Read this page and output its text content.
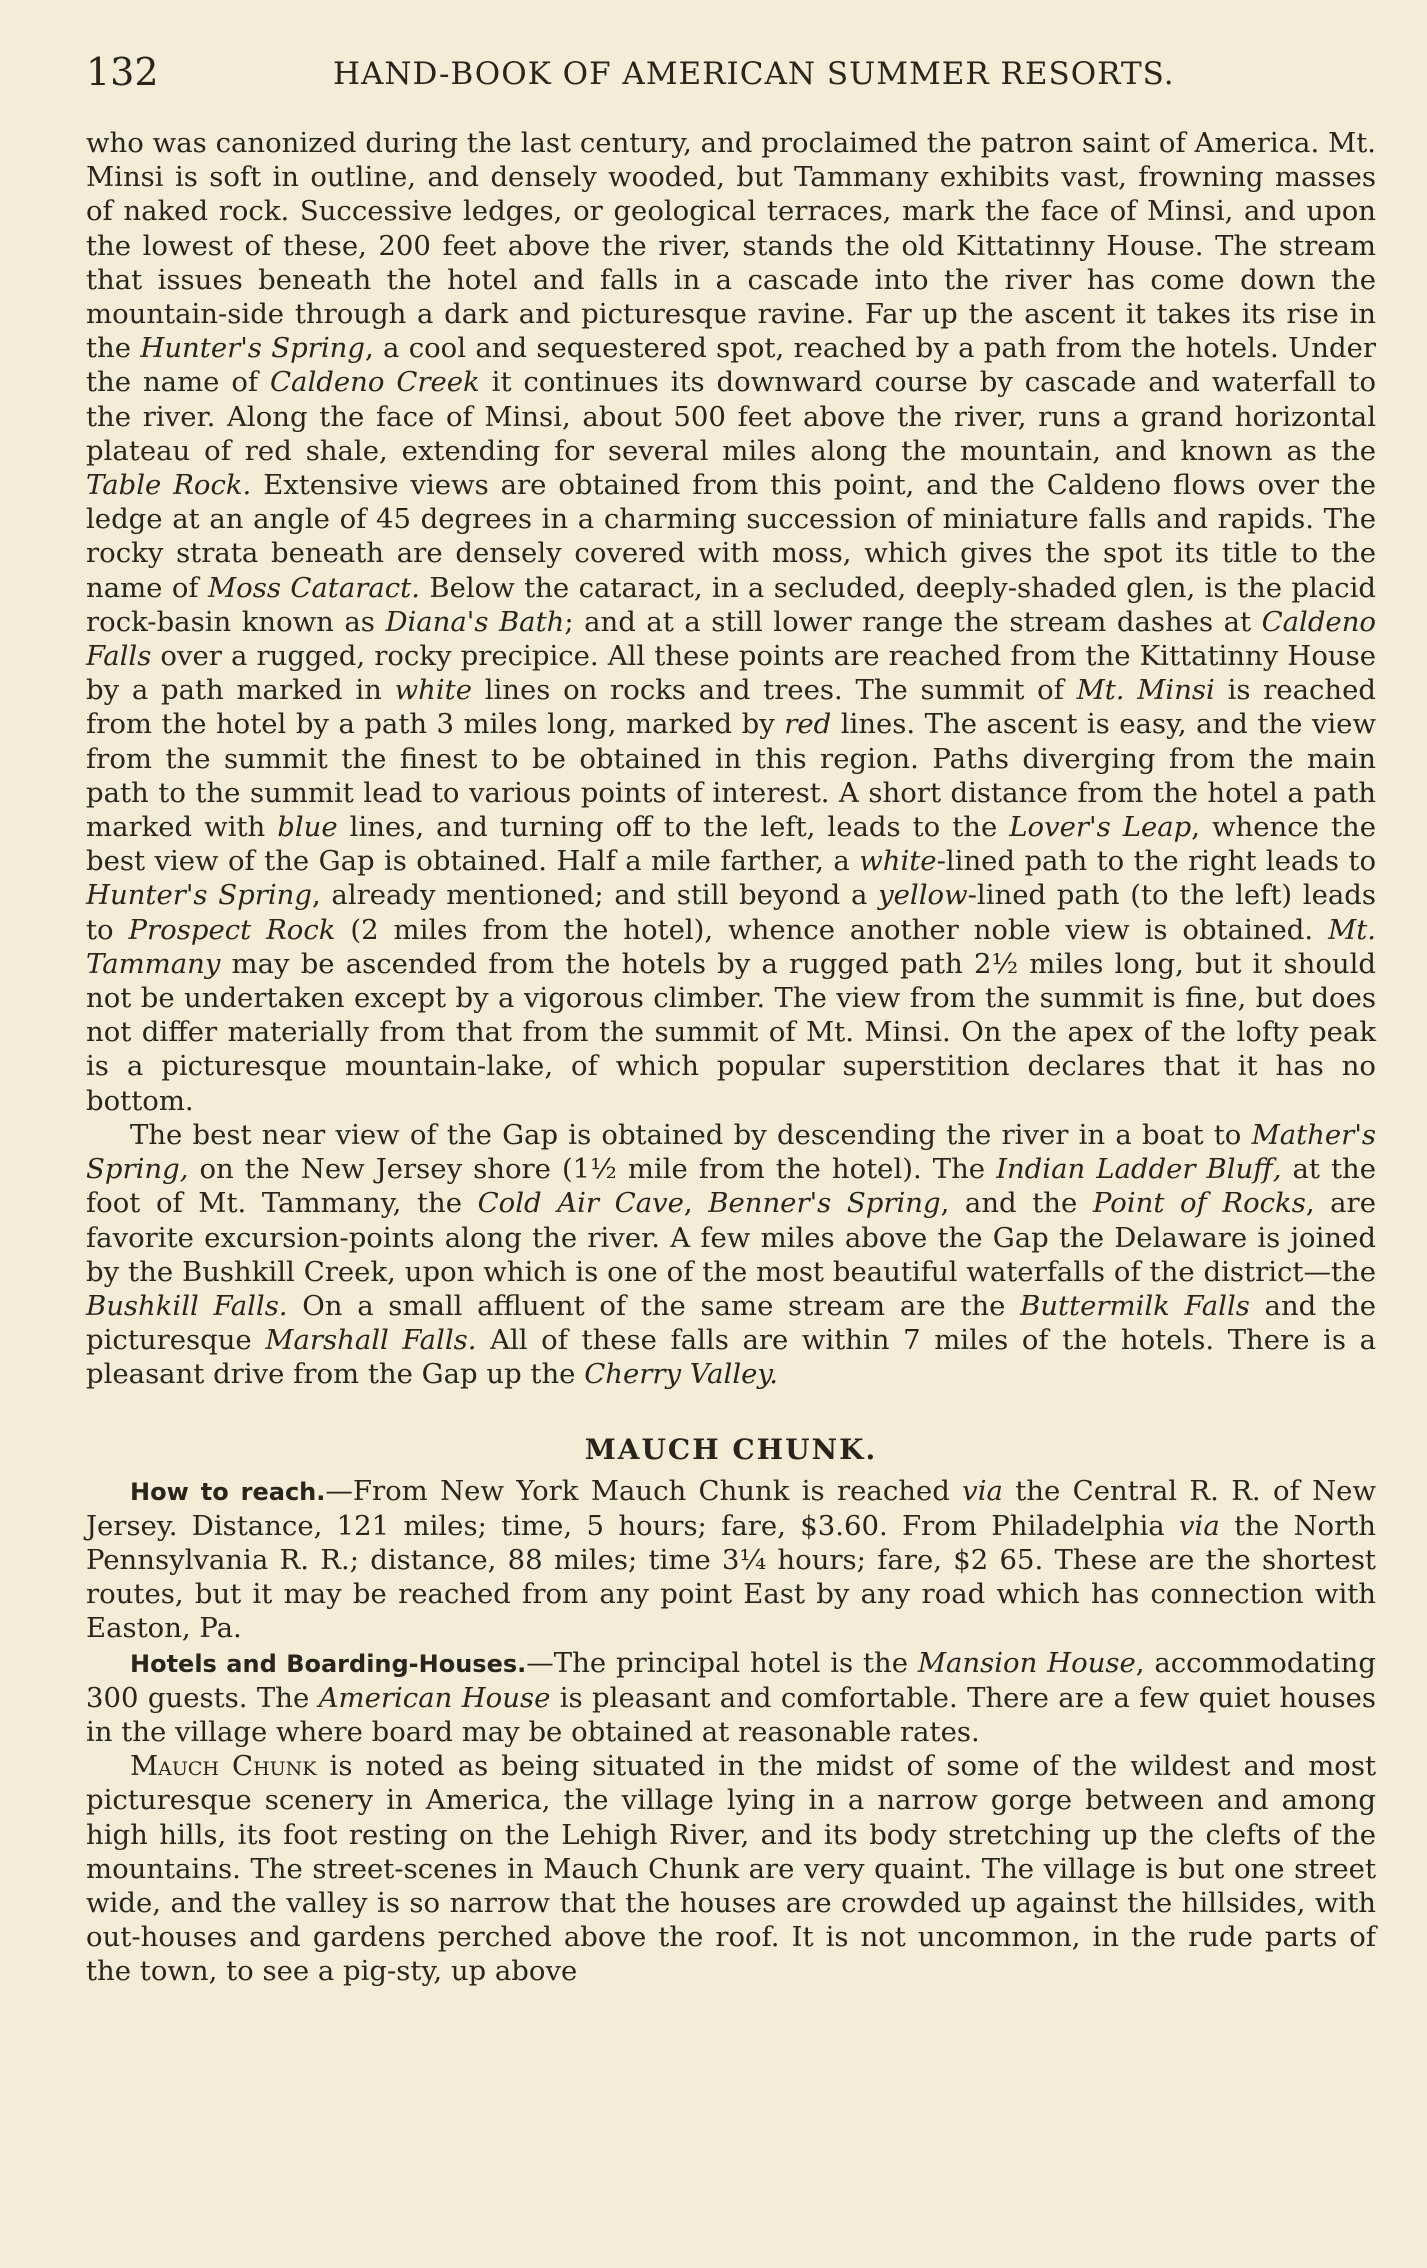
132	HAND-BOOK OF AMERICAN SUMMER RESORTS.

who was canonized during the last century, and proclaimed the patron saint of America. Mt. Minsi is soft in outline, and densely wooded, but Tammany exhibits vast, frowning masses of naked rock. Successive ledges, or geological terraces, mark the face of Minsi, and upon the lowest of these, 200 feet above the river, stands the old Kittatinny House. The stream that issues beneath the hotel and falls in a cascade into the river has come down the mountain-side through a dark and picturesque ravine. Far up the ascent it takes its rise in the Hunter's Spring, a cool and sequestered spot, reached by a path from the hotels. Under the name of Caldeno Creek it continues its downward course by cascade and waterfall to the river. Along the face of Minsi, about 500 feet above the river, runs a grand horizontal plateau of red shale, extending for several miles along the mountain, and known as the Table Rock. Extensive views are obtained from this point, and the Caldeno flows over the ledge at an angle of 45 degrees in a charming succession of miniature falls and rapids. The rocky strata beneath are densely covered with moss, which gives the spot its title to the name of Moss Cataract. Below the cataract, in a secluded, deeply-shaded glen, is the placid rock-basin known as Diana's Bath; and at a still lower range the stream dashes at Caldeno Falls over a rugged, rocky precipice. All these points are reached from the Kittatinny House by a path marked in white lines on rocks and trees. The summit of Mt. Minsi is reached from the hotel by a path 3 miles long, marked by red lines. The ascent is easy, and the view from the summit the finest to be obtained in this region. Paths diverging from the main path to the summit lead to various points of interest. A short distance from the hotel a path marked with blue lines, and turning off to the left, leads to the Lover's Leap, whence the best view of the Gap is obtained. Half a mile farther, a white-lined path to the right leads to Hunter's Spring, already mentioned; and still beyond a yellow-lined path (to the left) leads to Prospect Rock (2 miles from the hotel), whence another noble view is obtained. Mt. Tammany may be ascended from the hotels by a rugged path 2½ miles long, but it should not be undertaken except by a vigorous climber. The view from the summit is fine, but does not differ materially from that from the summit of Mt. Minsi. On the apex of the lofty peak is a picturesque mountain-lake, of which popular superstition declares that it has no bottom.

The best near view of the Gap is obtained by descending the river in a boat to Mather's Spring, on the New Jersey shore (1½ mile from the hotel). The Indian Ladder Bluff, at the foot of Mt. Tammany, the Cold Air Cave, Benner's Spring, and the Point of Rocks, are favorite excursion-points along the river. A few miles above the Gap the Delaware is joined by the Bushkill Creek, upon which is one of the most beautiful waterfalls of the district—the Bushkill Falls. On a small affluent of the same stream are the Buttermilk Falls and the picturesque Marshall Falls. All of these falls are within 7 miles of the hotels. There is a pleasant drive from the Gap up the Cherry Valley.

MAUCH CHUNK.

How to reach.—From New York Mauch Chunk is reached via the Central R. R. of New Jersey. Distance, 121 miles; time, 5 hours; fare, $3.60. From Philadelphia via the North Pennsylvania R. R.; distance, 88 miles; time 3¼ hours; fare, $2 65. These are the shortest routes, but it may be reached from any point East by any road which has connection with Easton, Pa.

Hotels and Boarding-Houses.—The principal hotel is the Mansion House, accommodating 300 guests. The American House is pleasant and comfortable. There are a few quiet houses in the village where board may be obtained at reasonable rates.

Mauch Chunk is noted as being situated in the midst of some of the wildest and most picturesque scenery in America, the village lying in a narrow gorge between and among high hills, its foot resting on the Lehigh River, and its body stretching up the clefts of the mountains. The street-scenes in Mauch Chunk are very quaint. The village is but one street wide, and the valley is so narrow that the houses are crowded up against the hillsides, with out-houses and gardens perched above the roof. It is not uncommon, in the rude parts of the town, to see a pig-sty, up above
